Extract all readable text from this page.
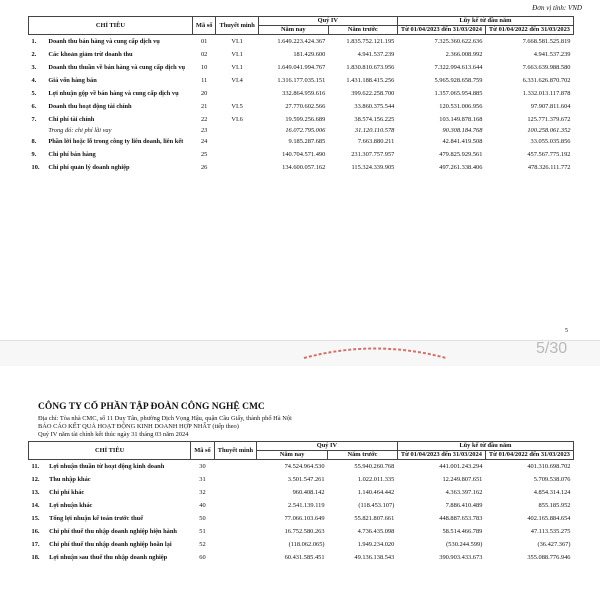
Đơn vị tính: VND
CHỈ TIÊU		Mã số	Thuyết minh	Quý IV		Lũy kế từ đầu năm	
				Năm nay	Năm trước	Từ 01/04/2023 đến 31/03/2024	Từ 01/04/2022 đến 31/03/2023

1.	Doanh thu bán hàng và cung cấp dịch vụ	01	VI.1	1.649.223.424.367	1.835.752.121.195	7.325.360.622.636	7.668.581.525.819
2.	Các khoản giảm trừ doanh thu	02	VI.1	181.429.600	4.941.537.239	2.366.008.992	4.941.537.239
3.	Doanh thu thuần về bán hàng và cung cấp dịch vụ	10	VI.1	1.649.041.994.767	1.830.810.673.956	7.322.994.613.644	7.663.639.988.580
4.	Giá vốn hàng bán	11	VI.4	1.316.177.035.151	1.431.188.415.256	5.965.928.658.759	6.331.626.870.702
5.	Lợi nhuận gộp về bán hàng và cung cấp dịch vụ	20		332.864.959.616	399.622.258.700	1.357.065.954.885	1.332.013.117.878
6.	Doanh thu hoạt động tài chính	21	VI.5	27.770.602.566	33.860.375.544	120.531.006.956	97.907.811.604
7.	Chi phí tài chính	22	VI.6	19.599.256.689	38.574.156.225	103.149.878.168	125.771.379.672
	Trong đó: chi phí lãi vay	23		16.072.795.006	31.120.110.578	90.308.184.768	100.258.061.352
8.	Phần lời hoặc lỗ trong công ty liên doanh, liên kết	24		9.185.287.685	7.663.880.211	42.841.419.508	33.055.035.856
9.	Chi phí bán hàng	25		140.704.571.490	231.307.757.957	479.825.929.561	457.567.775.192
10.	Chi phí quản lý doanh nghiệp	26		134.600.057.162	115.324.339.905	497.261.338.406	478.326.111.772
5
5/30
CÔNG TY CỔ PHẦN TẬP ĐOÀN CÔNG NGHỆ CMC
Địa chỉ: Tòa nhà CMC, số 11 Duy Tân, phường Dịch Vọng Hậu, quận Cầu Giấy, thành phố Hà Nội
BÁO CÁO KẾT QUẢ HOẠT ĐỘNG KINH DOANH HỢP NHẤT (tiếp theo)
Quý IV năm tài chính kết thúc ngày 31 tháng 03 năm 2024
CHỈ TIÊU		Mã số	Thuyết minh	Quý IV		Lũy kế từ đầu năm	
				Năm nay	Năm trước	Từ 01/04/2023 đến 31/03/2024	Từ 01/04/2022 đến 31/03/2023

11.	Lợi nhuận thuần từ hoạt động kinh doanh	30		74.524.964.530	55.940.260.768	441.001.243.294	401.310.698.702
12.	Thu nhập khác	31		3.501.547.261	1.022.011.335	12.249.807.651	5.709.538.076
13.	Chi phí khác	32		960.408.142	1.140.464.442	4.363.397.162	4.854.314.124
14.	Lợi nhuận khác	40		2.541.139.119	(118.453.107)	7.886.410.489	855.185.952
15.	Tổng lợi nhuận kế toán trước thuế	50		77.066.103.649	55.821.807.661	448.887.653.783	402.165.884.654
16.	Chi phí thuế thu nhập doanh nghiệp hiện hành	51		16.752.580.263	4.736.435.098	58.514.466.789	47.113.535.275
17.	Chi phí thuế thu nhập doanh nghiệp hoãn lại	52		(118.062.065)	1.949.234.020	(530.244.599)	(36.427.367)
18.	Lợi nhuận sau thuế thu nhập doanh nghiệp	60		60.431.585.451	49.136.138.543	390.903.433.673	355.088.776.946
